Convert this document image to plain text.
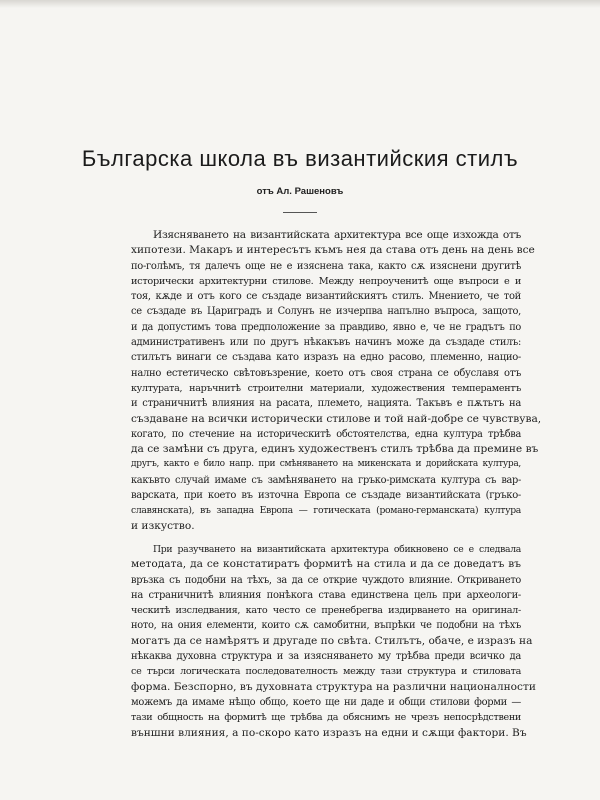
Българска школа въ византийския стилъ

отъ Ал. Рашеновъ

Изясняването на византийската архитектура все още изхожда отъ
хипотези. Макаръ и интересътъ къмъ нея да става отъ день на день все
по-голѣмъ, тя далечъ още не е изяснена така, както сѫ изяснени другитѣ
исторически архитектурни стилове. Между непроученитѣ още въпроси е и
тоя, кѫде и отъ кого се създаде византийскиятъ стилъ. Мнението, че той
се създаде въ Цариградъ и Солунъ не изчерпва напълно въпроса, защото,
и да допустимъ това предположение за правдиво, явно е, че не градътъ по
административенъ или по другъ нѣкакъвъ начинъ може да създаде стилъ:
стилътъ винаги се създава като изразъ на едно расово, племенно, нацио-
нално естетическо свѣтовъзрение, което отъ своя страна се обуславя отъ
културата, наръчнитѣ строителни материали, художествения темпераментъ
и страничнитѣ влияния на расата, племето, нацията. Такъвъ е пѫтьтъ на
създаване на всички исторически стилове и той най-добре се чувствува,
когато, по стечение на историческитѣ обстоятелства, една култура трѣбва
да се замѣни съ друга, единъ художественъ стилъ трѣбва да премине въ
другъ, както е било напр. при смѣняването на микенската и дорийската култура,
какъвто случай имаме съ замѣняването на гръко-римската култура съ вар-
варската, при което въ източна Европа се създаде византийската (гръко-
славянската), въ западна Европа — готическата (романо-германската) култура
и изкуство.
При разучването на византийската архитектура обикновено се е следвала
методата, да се констатиратъ формитѣ на стила и да се доведатъ въ
връзка съ подобни на тѣхъ, за да се открие чуждото влияние. Откриването
на страничнитѣ влияния понѣкога става единствена цель при археологи-
ческитѣ изследвания, като често се пренебрегва издирването на оригинал-
ното, на ония елементи, които сѫ самобитни, въпрѣки че подобни на тѣхъ
могатъ да се намѣрятъ и другаде по свѣта. Стилътъ, обаче, е изразъ на
нѣкаква духовна структура и за изясняването му трѣбва преди всичко да
се търси логическата последователность между тази структура и стиловата
форма. Безспорно, въ духовната структура на различни националности
можемъ да имаме нѣщо общо, което ще ни даде и общи стилови форми —
тази общность на формитѣ ще трѣбва да обяснимъ не чрезъ непосрѣдствени
външни влияния, а по-скоро като изразъ на едни и сѫщи фактори. Въ
